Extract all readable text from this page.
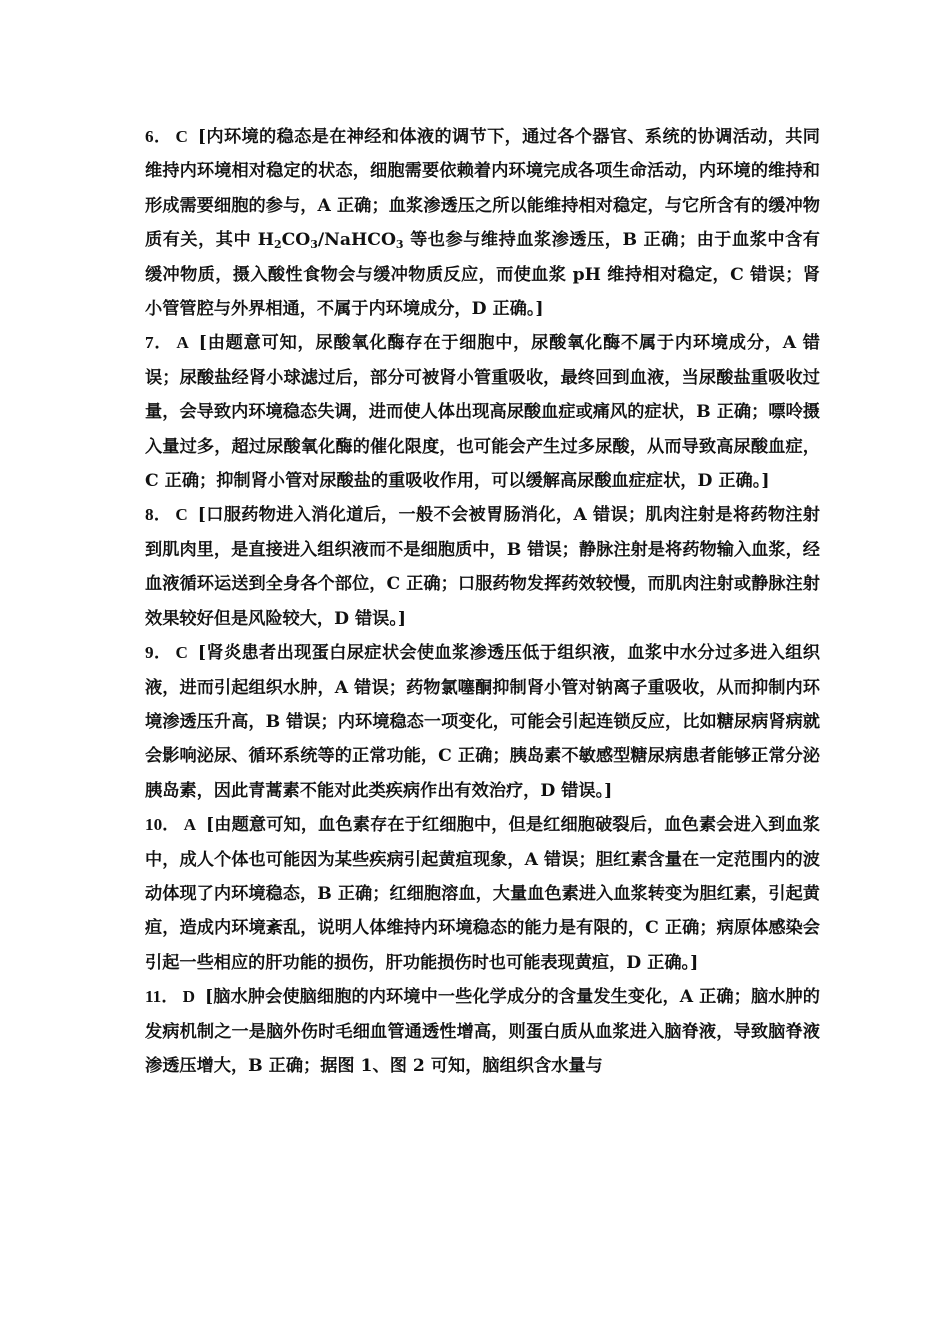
6． C [内环境的稳态是在神经和体液的调节下，通过各个器官、系统的协调活动，共同维持内环境相对稳定的状态，细胞需要依赖着内环境完成各项生命活动，内环境的维持和形成需要细胞的参与，A 正确；血浆渗透压之所以能维持相对稳定，与它所含有的缓冲物质有关，其中 $H_2CO_3/NaHCO_3$ 等也参与维持血浆渗透压，B 正确；由于血浆中含有缓冲物质，摄入酸性食物会与缓冲物质反应，而使血浆 pH 维持相对稳定，C 错误；肾小管管腔与外界相通，不属于内环境成分，D 正确。]

7． A [由题意可知，尿酸氧化酶存在于细胞中，尿酸氧化酶不属于内环境成分，A 错误；尿酸盐经肾小球滤过后，部分可被肾小管重吸收，最终回到血液，当尿酸盐重吸收过量，会导致内环境稳态失调，进而使人体出现高尿酸血症或痛风的症状，B 正确；嘌呤摄入量过多，超过尿酸氧化酶的催化限度，也可能会产生过多尿酸，从而导致高尿酸血症，C 正确；抑制肾小管对尿酸盐的重吸收作用，可以缓解高尿酸血症症状，D 正确。]

8． C [口服药物进入消化道后，一般不会被胃肠消化，A 错误；肌肉注射是将药物注射到肌肉里，是直接进入组织液而不是细胞质中，B 错误；静脉注射是将药物输入血浆，经血液循环运送到全身各个部位，C 正确；口服药物发挥药效较慢，而肌肉注射或静脉注射效果较好但是风险较大，D 错误。]

9． C [肾炎患者出现蛋白尿症状会使血浆渗透压低于组织液，血浆中水分过多进入组织液，进而引起组织水肿，A 错误；药物氯噻酮抑制肾小管对钠离子重吸收，从而抑制内环境渗透压升高，B 错误；内环境稳态一项变化，可能会引起连锁反应，比如糖尿病肾病就会影响泌尿、循环系统等的正常功能，C 正确；胰岛素不敏感型糖尿病患者能够正常分泌胰岛素，因此青蒿素不能对此类疾病作出有效治疗，D 错误。]

10． A [由题意可知，血色素存在于红细胞中，但是红细胞破裂后，血色素会进入到血浆中，成人个体也可能因为某些疾病引起黄疸现象，A 错误；胆红素含量在一定范围内的波动体现了内环境稳态，B 正确；红细胞溶血，大量血色素进入血浆转变为胆红素，引起黄疸，造成内环境紊乱，说明人体维持内环境稳态的能力是有限的，C 正确；病原体感染会引起一些相应的肝功能的损伤，肝功能损伤时也可能表现黄疸，D 正确。]

11． D [脑水肿会使脑细胞的内环境中一些化学成分的含量发生变化，A 正确；脑水肿的发病机制之一是脑外伤时毛细血管通透性增高，则蛋白质从血浆进入脑脊液，导致脑脊液渗透压增大，B 正确；据图 1、图 2 可知，脑组织含水量与
